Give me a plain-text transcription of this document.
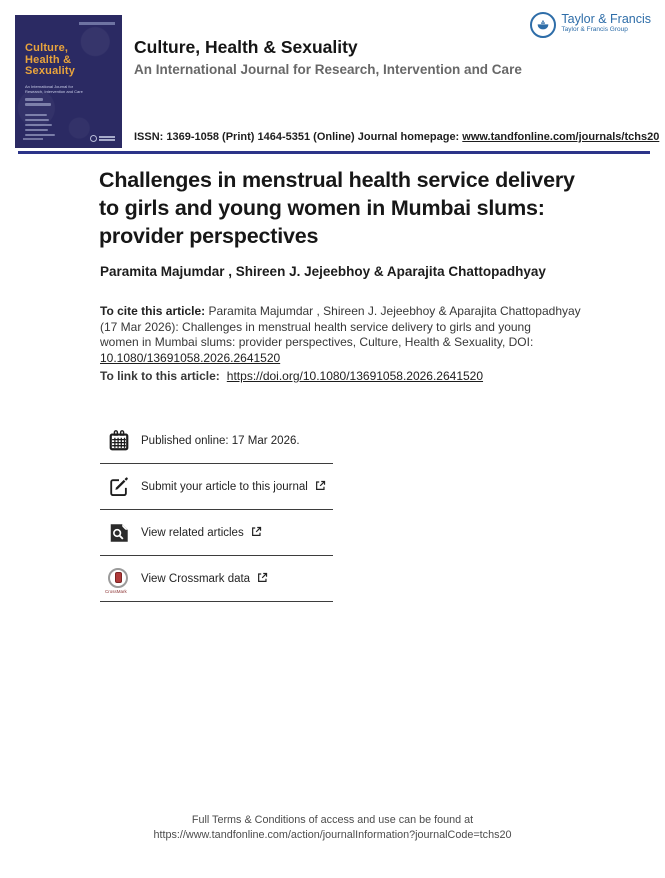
Culture,
Health &
Sexuality
An International Journal for
Research, Intervention and Care
Taylor & Francis
Taylor & Francis Group
Culture, Health & Sexuality
An International Journal for Research, Intervention and Care
ISSN: 1369-1058 (Print) 1464-5351 (Online) Journal homepage: www.tandfonline.com/journals/tchs20
Challenges in menstrual health service delivery
to girls and young women in Mumbai slums:
provider perspectives
Paramita Majumdar , Shireen J. Jejeebhoy & Aparajita Chattopadhyay
To cite this article: Paramita Majumdar , Shireen J. Jejeebhoy & Aparajita Chattopadhyay
(17 Mar 2026): Challenges in menstrual health service delivery to girls and young
women in Mumbai slums: provider perspectives, Culture, Health & Sexuality, DOI:
10.1080/13691058.2026.2641520
To link to this article: https://doi.org/10.1080/13691058.2026.2641520
Published online: 17 Mar 2026.
Submit your article to this journal
View related articles
CrossMark
View Crossmark data
Full Terms & Conditions of access and use can be found at
https://www.tandfonline.com/action/journalInformation?journalCode=tchs20
